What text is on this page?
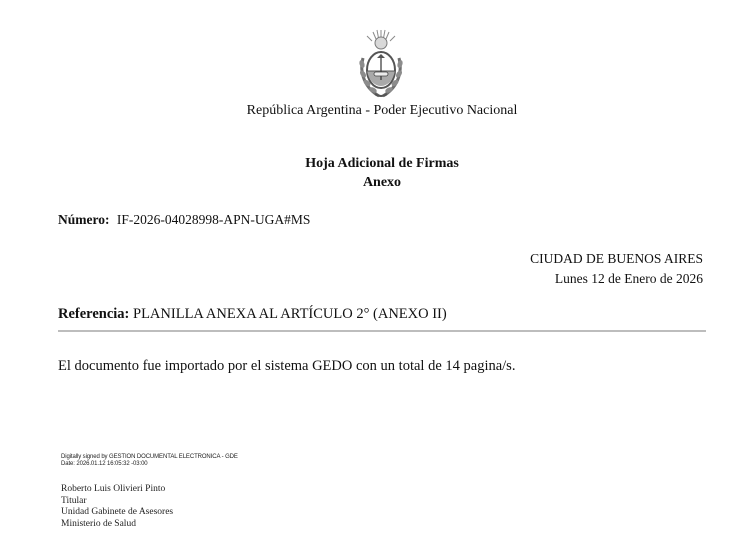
República Argentina - Poder Ejecutivo Nacional
Hoja Adicional de Firmas
Anexo
Número: IF-2026-04028998-APN-UGA#MS
CIUDAD DE BUENOS AIRES
Lunes 12 de Enero de 2026
Referencia: PLANILLA ANEXA AL ARTÍCULO 2° (ANEXO II)
El documento fue importado por el sistema GEDO con un total de 14 pagina/s.
Digitally signed by GESTION DOCUMENTAL ELECTRONICA - GDE
Date: 2026.01.12 16:05:32 -03:00
Roberto Luis Olivieri Pinto
Titular
Unidad Gabinete de Asesores
Ministerio de Salud
